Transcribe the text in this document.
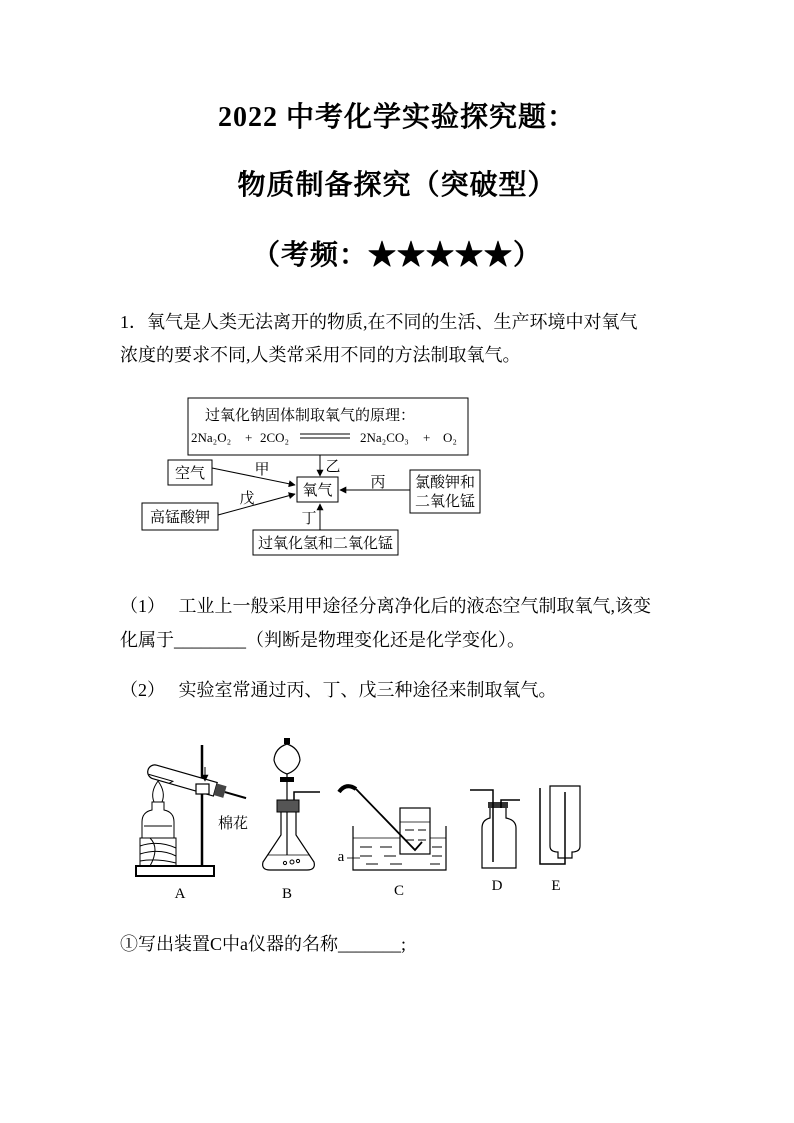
2022 中考化学实验探究题：
物质制备探究（突破型）
（考频：★★★★★）
1．氧气是人类无法离开的物质,在不同的生活、生产环境中对氧气
浓度的要求不同,人类常采用不同的方法制取氧气。
（1）   工业上一般采用甲途径分离净化后的液态空气制取氧气,该变
化属于________（判断是物理变化还是化学变化）。
（2）   实验室常通过丙、丁、戊三种途径来制取氧气。
①写出装置C中a仪器的名称_______;
过氧化钠固体制取氧气的原理：
2Na₂O₂ + 2CO₂	2Na₂CO₃ + O₂
空气	甲	乙
氧气	氯酸钾和
二氧化锰
丙
高锰酸钾
戊
过氧化氢和二氧化锰
丁
棉花
A	B
a
C	D	E
